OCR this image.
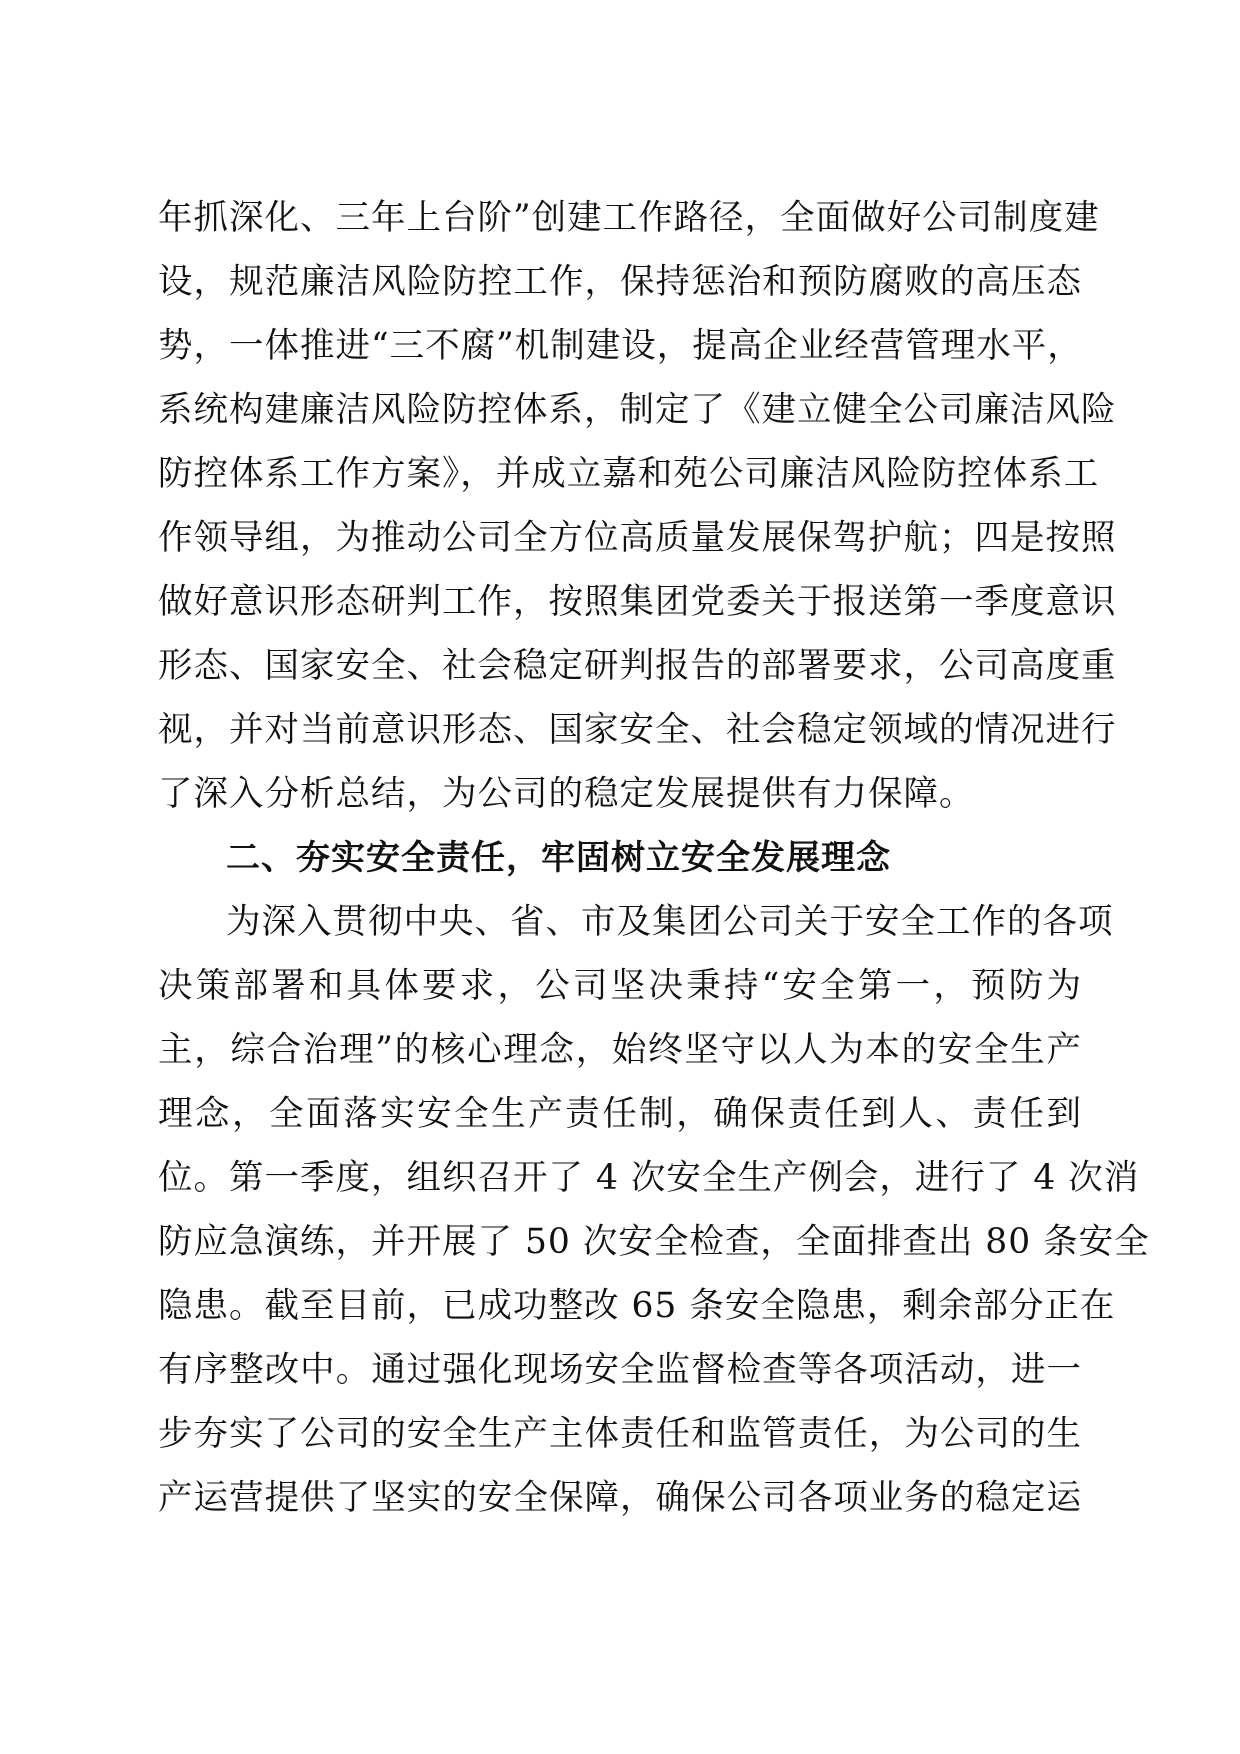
年抓深化、三年上台阶”创建工作路径，全面做好公司制度建
设，规范廉洁风险防控工作，保持惩治和预防腐败的高压态
势，一体推进“三不腐”机制建设，提高企业经营管理水平，
系统构建廉洁风险防控体系，制定了《建立健全公司廉洁风险
防控体系工作方案》，并成立嘉和苑公司廉洁风险防控体系工
作领导组，为推动公司全方位高质量发展保驾护航；四是按照
做好意识形态研判工作，按照集团党委关于报送第一季度意识
形态、国家安全、社会稳定研判报告的部署要求，公司高度重
视，并对当前意识形态、国家安全、社会稳定领域的情况进行
了深入分析总结，为公司的稳定发展提供有力保障。
二、夯实安全责任，牢固树立安全发展理念
为深入贯彻中央、省、市及集团公司关于安全工作的各项
决策部署和具体要求，公司坚决秉持“安全第一，预防为
主，综合治理”的核心理念，始终坚守以人为本的安全生产
理念，全面落实安全生产责任制，确保责任到人、责任到
位。第一季度，组织召开了 4 次安全生产例会，进行了 4 次消
防应急演练，并开展了 50 次安全检查，全面排查出 80 条安全
隐患。截至目前，已成功整改 65 条安全隐患，剩余部分正在
有序整改中。通过强化现场安全监督检查等各项活动，进一
步夯实了公司的安全生产主体责任和监管责任，为公司的生
产运营提供了坚实的安全保障，确保公司各项业务的稳定运
